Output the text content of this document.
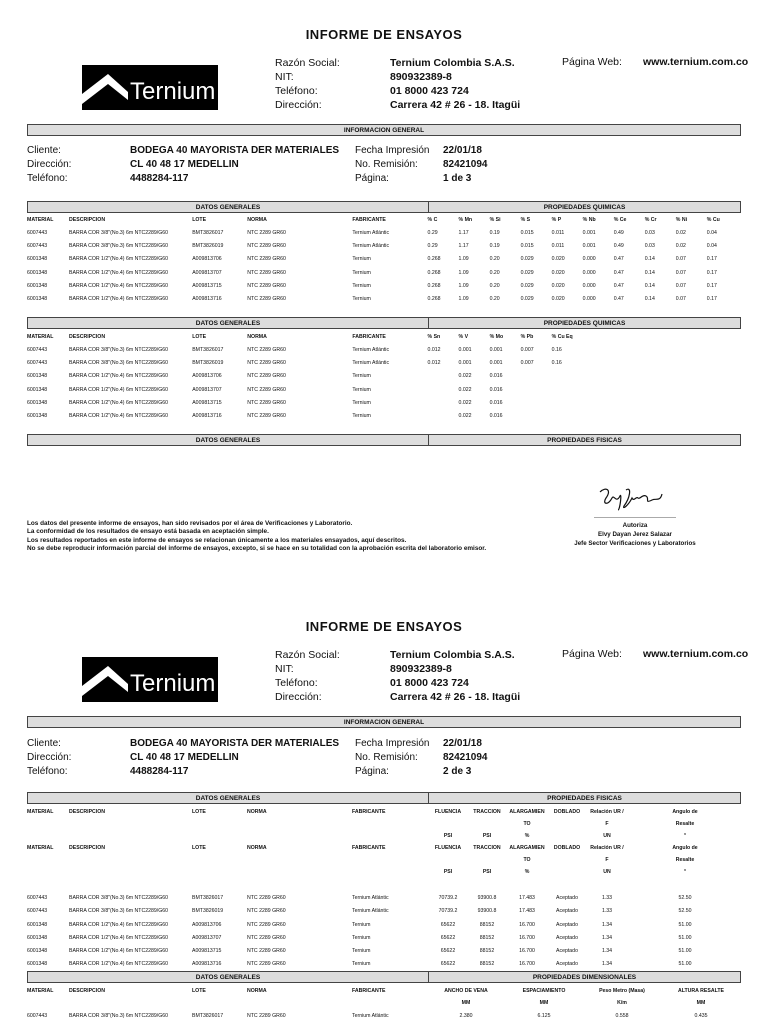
INFORME DE ENSAYOS
Ternium
Razón Social:
NIT:
Teléfono:
Dirección:
Ternium Colombia S.A.S.
890932389-8
01 8000 423 724
Carrera 42 # 26 - 18. Itagüi
Página Web: www.ternium.com.co
INFORMACION GENERAL
Cliente:
Dirección:
Teléfono:
BODEGA 40 MAYORISTA DER MATERIALES
CL 40 48 17 MEDELLIN
4488284-117
Fecha Impresión
No. Remisión:
Página:
22/01/18
82421094
1 de 3
DATOS GENERALES	PROPIEDADES QUIMICAS
MATERIAL	DESCRIPCION	LOTE	NORMA	FABRICANTE	% C	% Mn	% Si	% S	% P	% Nb	% Ce	% Cr	% Ni	% Cu
6007443	BARRA COR 3/8"(No.3) 6m NTC2289/G60	BMT3826017	NTC 2289 GR60	Ternium Atlántic	0.29	1.17	0.19	0.015	0.011	0.001	0.49	0.03	0.02	0.04
6007443	BARRA COR 3/8"(No.3) 6m NTC2289/G60	BMT3826019	NTC 2289 GR60	Ternium Atlántic	0.29	1.17	0.19	0.015	0.011	0.001	0.49	0.03	0.02	0.04
6001348	BARRA COR 1/2"(No.4) 6m NTC2289/G60	A009813706	NTC 2289 GR60	Ternium	0.268	1.09	0.20	0.029	0.020	0.000	0.47	0.14	0.07	0.17
6001348	BARRA COR 1/2"(No.4) 6m NTC2289/G60	A009813707	NTC 2289 GR60	Ternium	0.268	1.09	0.20	0.029	0.020	0.000	0.47	0.14	0.07	0.17
6001348	BARRA COR 1/2"(No.4) 6m NTC2289/G60	A009813715	NTC 2289 GR60	Ternium	0.268	1.09	0.20	0.029	0.020	0.000	0.47	0.14	0.07	0.17
6001348	BARRA COR 1/2"(No.4) 6m NTC2289/G60	A009813716	NTC 2289 GR60	Ternium	0.268	1.09	0.20	0.029	0.020	0.000	0.47	0.14	0.07	0.17
DATOS GENERALES	PROPIEDADES QUIMICAS
MATERIAL	DESCRIPCION	LOTE	NORMA	FABRICANTE	% Sn	% V	% Mo	% Pb	% Cu Eq					
6007443	BARRA COR 3/8"(No.3) 6m NTC2289/G60	BMT3826017	NTC 2289 GR60	Ternium Atlántic	0.012	0.001	0.001	0.007	0.16					
6007443	BARRA COR 3/8"(No.3) 6m NTC2289/G60	BMT3826019	NTC 2289 GR60	Ternium Atlántic	0.012	0.001	0.001	0.007	0.16					
6001348	BARRA COR 1/2"(No.4) 6m NTC2289/G60	A009813706	NTC 2289 GR60	Ternium		0.022	0.016							
6001348	BARRA COR 1/2"(No.4) 6m NTC2289/G60	A009813707	NTC 2289 GR60	Ternium		0.022	0.016							
6001348	BARRA COR 1/2"(No.4) 6m NTC2289/G60	A009813715	NTC 2289 GR60	Ternium		0.022	0.016							
6001348	BARRA COR 1/2"(No.4) 6m NTC2289/G60	A009813716	NTC 2289 GR60	Ternium		0.022	0.016							
DATOS GENERALES	PROPIEDADES FISICAS
Autoriza
Elvy Dayan Jerez Salazar
Jefe Sector Verificaciones y Laboratorios
Los datos del presente informe de ensayos, han sido revisados por el área de Verificaciones y Laboratorio.
La conformidad de los resultados de ensayo está basada en aceptación simple.
Los resultados reportados en este informe de ensayos se relacionan únicamente a los materiales ensayados, aquí descritos.
No se debe reproducir información parcial del informe de ensayos, excepto, si se hace en su totalidad con la aprobación escrita del laboratorio emisor.
INFORME DE ENSAYOS
Ternium
Razón Social:
NIT:
Teléfono:
Dirección:
Ternium Colombia S.A.S.
890932389-8
01 8000 423 724
Carrera 42 # 26 - 18. Itagüi
Página Web: www.ternium.com.co
INFORMACION GENERAL
Cliente:
Dirección:
Teléfono:
BODEGA 40 MAYORISTA DER MATERIALES
CL 40 48 17 MEDELLIN
4488284-117
Fecha Impresión
No. Remisión:
Página:
22/01/18
82421094
2 de 3
DATOS GENERALES	PROPIEDADES FISICAS
MATERIAL	DESCRIPCION	LOTE	NORMA	FABRICANTE	FLUENCIA	TRACCION	ALARGAMIEN	DOBLADO	Relación UR /	Angulo de
							TO		F	Resalte
					PSI	PSI	%		UN	°
MATERIAL	DESCRIPCION	LOTE	NORMA	FABRICANTE	FLUENCIA	TRACCION	ALARGAMIEN	DOBLADO	Relación UR /	Angulo de
							TO		F	Resalte
					PSI	PSI	%		UN	°

6007443	BARRA COR 3/8"(No.3) 6m NTC2289/G60	BMT3826017	NTC 2289 GR60	Ternium Atlántic	70739.2	93900.8	17.483	Aceptado	1.33	52.50
6007443	BARRA COR 3/8"(No.3) 6m NTC2289/G60	BMT3826019	NTC 2289 GR60	Ternium Atlántic	70739.2	93900.8	17.483	Aceptado	1.33	52.50
6001348	BARRA COR 1/2"(No.4) 6m NTC2289/G60	A009813706	NTC 2289 GR60	Ternium	65622	88152	16.700	Aceptado	1.34	51.00
6001348	BARRA COR 1/2"(No.4) 6m NTC2289/G60	A009813707	NTC 2289 GR60	Ternium	65622	88152	16.700	Aceptado	1.34	51.00
6001348	BARRA COR 1/2"(No.4) 6m NTC2289/G60	A009813715	NTC 2289 GR60	Ternium	65622	88152	16.700	Aceptado	1.34	51.00
6001348	BARRA COR 1/2"(No.4) 6m NTC2289/G60	A009813716	NTC 2289 GR60	Ternium	65622	88152	16.700	Aceptado	1.34	51.00
DATOS GENERALES	PROPIEDADES DIMENSIONALES
MATERIAL	DESCRIPCION	LOTE	NORMA	FABRICANTE	ANCHO DE VENA	ESPACIAMIENTO	Peso Metro (Masa)	ALTURA RESALTE
					MM	MM	K/m	MM
6007443	BARRA COR 3/8"(No.3) 6m NTC2289/G60	BMT3826017	NTC 2289 GR60	Ternium Atlántic	2.380	6.125	0.558	0.435
